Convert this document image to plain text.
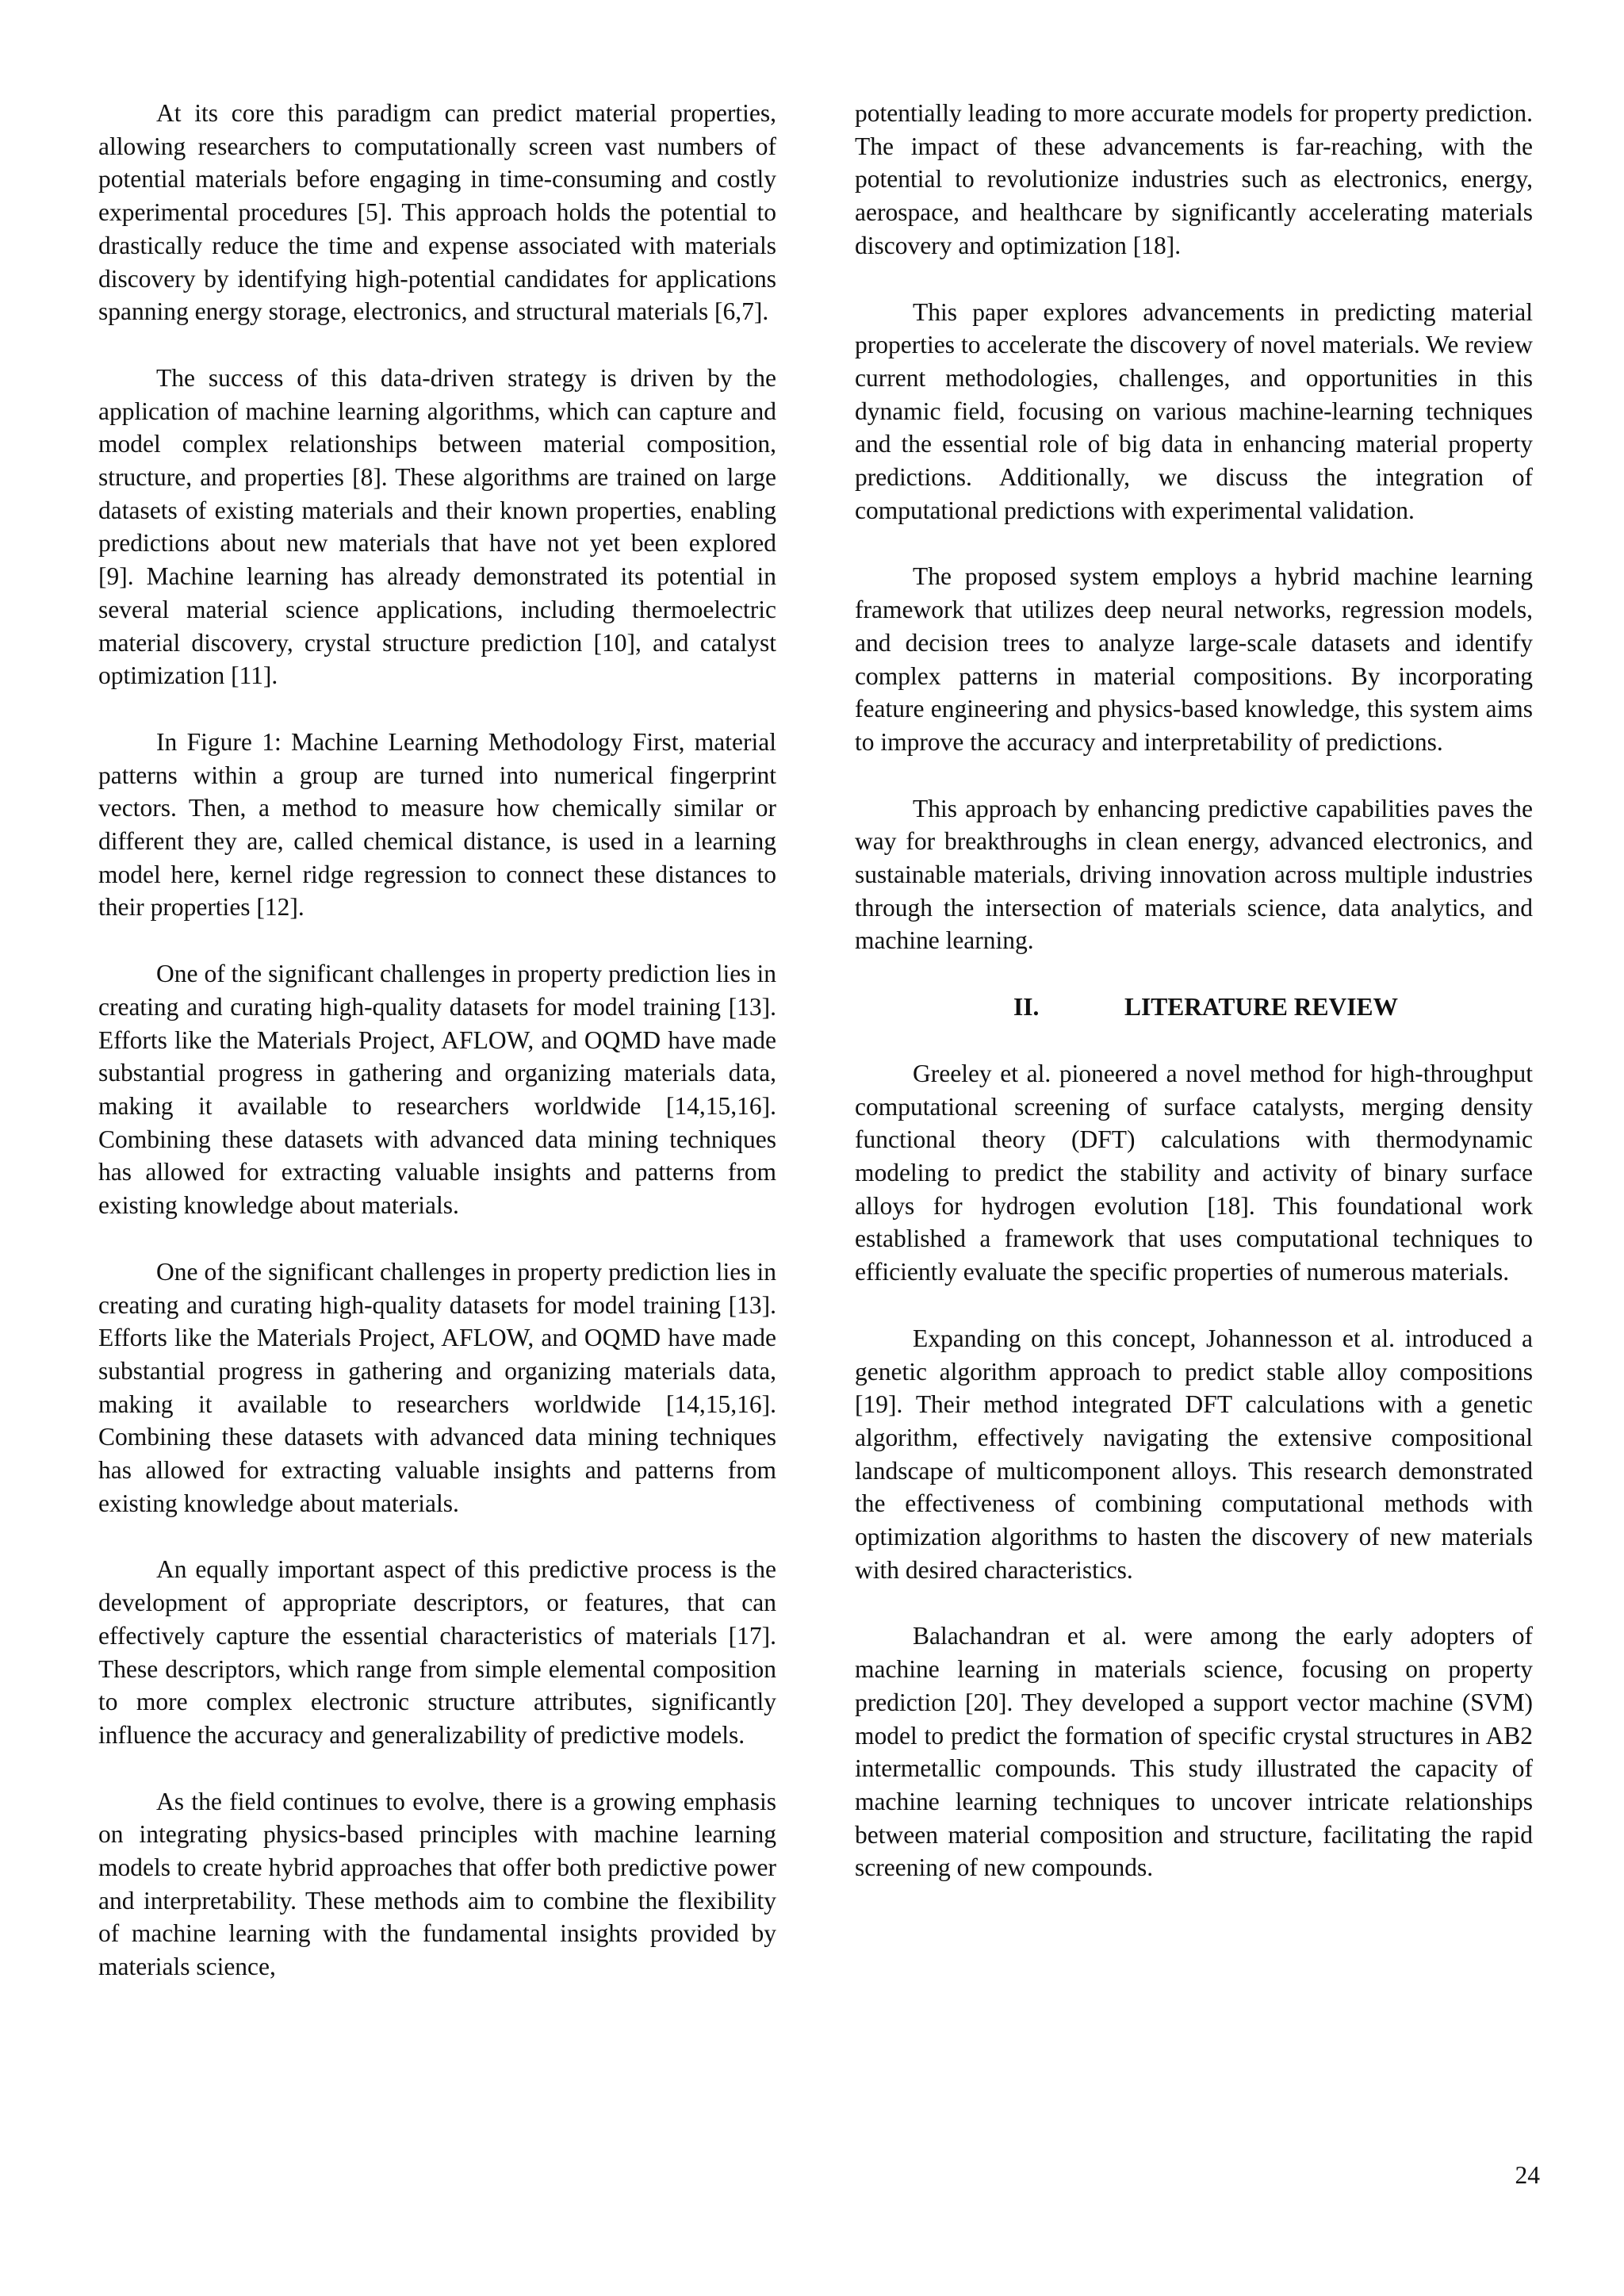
At its core this paradigm can predict material properties, allowing researchers to computationally screen vast numbers of potential materials before engaging in time-consuming and costly experimental procedures [5]. This approach holds the potential to drastically reduce the time and expense associated with materials discovery by identifying high-potential candidates for applications spanning energy storage, electronics, and structural materials [6,7].

The success of this data-driven strategy is driven by the application of machine learning algorithms, which can capture and model complex relationships between material composition, structure, and properties [8]. These algorithms are trained on large datasets of existing materials and their known properties, enabling predictions about new materials that have not yet been explored [9]. Machine learning has already demonstrated its potential in several material science applications, including thermoelectric material discovery, crystal structure prediction [10], and catalyst optimization [11].

In Figure 1: Machine Learning Methodology First, material patterns within a group are turned into numerical fingerprint vectors. Then, a method to measure how chemically similar or different they are, called chemical distance, is used in a learning model here, kernel ridge regression to connect these distances to their properties [12].

One of the significant challenges in property prediction lies in creating and curating high-quality datasets for model training [13]. Efforts like the Materials Project, AFLOW, and OQMD have made substantial progress in gathering and organizing materials data, making it available to researchers worldwide [14,15,16]. Combining these datasets with advanced data mining techniques has allowed for extracting valuable insights and patterns from existing knowledge about materials.

One of the significant challenges in property prediction lies in creating and curating high-quality datasets for model training [13]. Efforts like the Materials Project, AFLOW, and OQMD have made substantial progress in gathering and organizing materials data, making it available to researchers worldwide [14,15,16]. Combining these datasets with advanced data mining techniques has allowed for extracting valuable insights and patterns from existing knowledge about materials.

An equally important aspect of this predictive process is the development of appropriate descriptors, or features, that can effectively capture the essential characteristics of materials [17]. These descriptors, which range from simple elemental composition to more complex electronic structure attributes, significantly influence the accuracy and generalizability of predictive models.

As the field continues to evolve, there is a growing emphasis on integrating physics-based principles with machine learning models to create hybrid approaches that offer both predictive power and interpretability. These methods aim to combine the flexibility of machine learning with the fundamental insights provided by materials science,

potentially leading to more accurate models for property prediction. The impact of these advancements is far-reaching, with the potential to revolutionize industries such as electronics, energy, aerospace, and healthcare by significantly accelerating materials discovery and optimization [18].

This paper explores advancements in predicting material properties to accelerate the discovery of novel materials. We review current methodologies, challenges, and opportunities in this dynamic field, focusing on various machine-learning techniques and the essential role of big data in enhancing material property predictions. Additionally, we discuss the integration of computational predictions with experimental validation.

The proposed system employs a hybrid machine learning framework that utilizes deep neural networks, regression models, and decision trees to analyze large-scale datasets and identify complex patterns in material compositions. By incorporating feature engineering and physics-based knowledge, this system aims to improve the accuracy and interpretability of predictions.

This approach by enhancing predictive capabilities paves the way for breakthroughs in clean energy, advanced electronics, and sustainable materials, driving innovation across multiple industries through the intersection of materials science, data analytics, and machine learning.

II.	LITERATURE REVIEW

Greeley et al. pioneered a novel method for high-throughput computational screening of surface catalysts, merging density functional theory (DFT) calculations with thermodynamic modeling to predict the stability and activity of binary surface alloys for hydrogen evolution [18]. This foundational work established a framework that uses computational techniques to efficiently evaluate the specific properties of numerous materials.

Expanding on this concept, Johannesson et al. introduced a genetic algorithm approach to predict stable alloy compositions [19]. Their method integrated DFT calculations with a genetic algorithm, effectively navigating the extensive compositional landscape of multicomponent alloys. This research demonstrated the effectiveness of combining computational methods with optimization algorithms to hasten the discovery of new materials with desired characteristics.

Balachandran et al. were among the early adopters of machine learning in materials science, focusing on property prediction [20]. They developed a support vector machine (SVM) model to predict the formation of specific crystal structures in AB2 intermetallic compounds. This study illustrated the capacity of machine learning techniques to uncover intricate relationships between material composition and structure, facilitating the rapid screening of new compounds.

24
